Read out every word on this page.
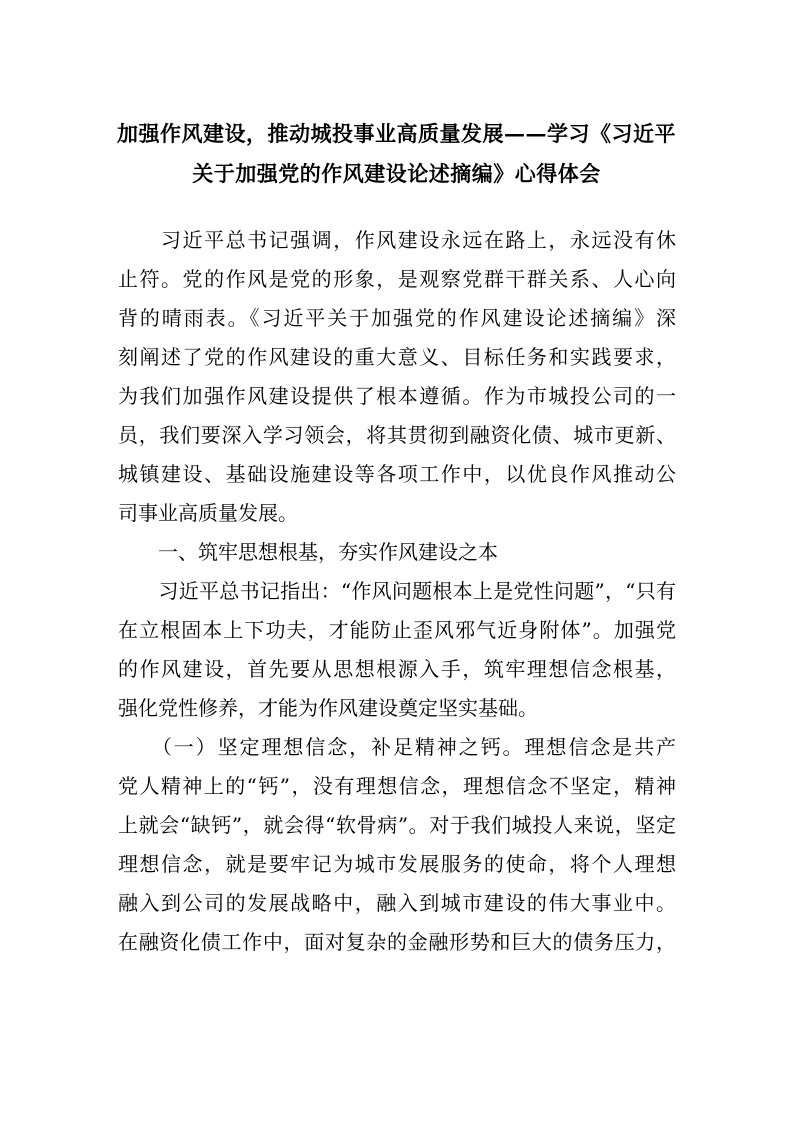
加强作风建设，推动城投事业高质量发展——学习《习近平
关于加强党的作风建设论述摘编》心得体会
　　习近平总书记强调，作风建设永远在路上，永远没有休
止符。党的作风是党的形象，是观察党群干群关系、人心向
背的晴雨表。《习近平关于加强党的作风建设论述摘编》深
刻阐述了党的作风建设的重大意义、目标任务和实践要求，
为我们加强作风建设提供了根本遵循。作为市城投公司的一
员，我们要深入学习领会，将其贯彻到融资化债、城市更新、
城镇建设、基础设施建设等各项工作中，以优良作风推动公
司事业高质量发展。
　　一、筑牢思想根基，夯实作风建设之本
　　习近平总书记指出：“作风问题根本上是党性问题”，“只有
在立根固本上下功夫，才能防止歪风邪气近身附体”。加强党
的作风建设，首先要从思想根源入手，筑牢理想信念根基，
强化党性修养，才能为作风建设奠定坚实基础。
　　（一）坚定理想信念，补足精神之钙。理想信念是共产
党人精神上的“钙”，没有理想信念，理想信念不坚定，精神
上就会“缺钙”，就会得“软骨病”。对于我们城投人来说，坚定
理想信念，就是要牢记为城市发展服务的使命，将个人理想
融入到公司的发展战略中，融入到城市建设的伟大事业中。
在融资化债工作中，面对复杂的金融形势和巨大的债务压力，
